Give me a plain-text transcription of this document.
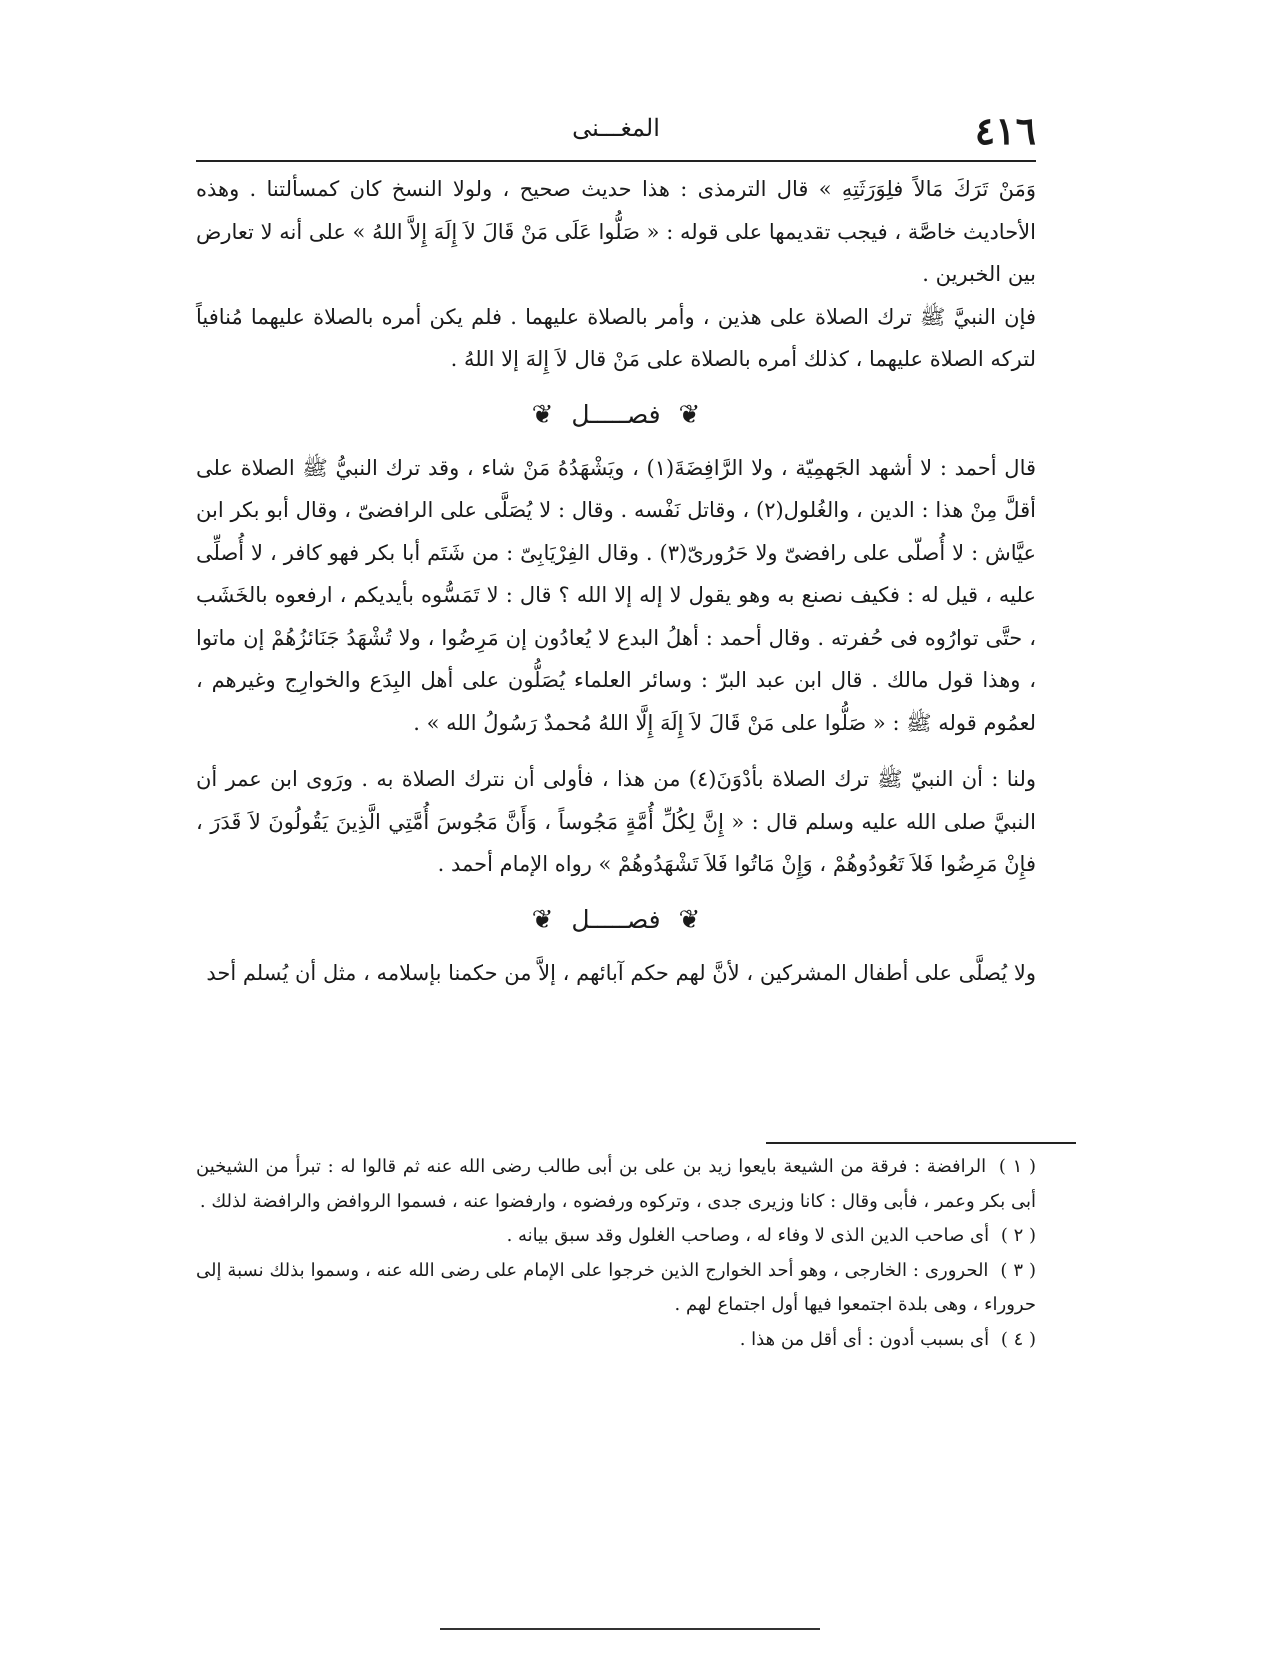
٤١٦
المغـــنى

وَمَنْ تَرَكَ مَالاً فلِوَرَثَتِهِ » قال الترمذى : هذا حديث صحيح ، ولولا النسخ كان كمسألتنا . وهذه الأحاديث خاصَّة ، فيجب تقديمها على قوله : « صَلُّوا عَلَى مَنْ قَالَ لاَ إِلَهَ إِلاَّ اللهُ » على أنه لا تعارض بين الخبرين .

فإن النبيَّ ﷺ ترك الصلاة على هذين ، وأمر بالصلاة عليهما . فلم يكن أمره بالصلاة عليهما مُنافياً لتركه الصلاة عليهما ، كذلك أمره بالصلاة على مَنْ قال لاَ إِلهَ إلا اللهُ .

❦ فصـــــل ❦

قال أحمد : لا أشهد الجَهمِيّة ، ولا الرَّافِضَةَ(١) ، ويَشْهَدُهُ مَنْ شاء ، وقد ترك النبيُّ ﷺ الصلاة على أقلَّ مِنْ هذا : الدين ، والغُلول(٢) ، وقاتل نَفْسه . وقال : لا يُصَلَّى على الرافضىّ ، وقال أبو بكر ابن عيَّاش : لا أُصلّى على رافضىّ ولا حَرُورىّ(٣) . وقال الفِرْيَابِىّ : من شَتَم أبا بكر فهو كافر ، لا أُصلِّى عليه ، قيل له : فكيف نصنع به وهو يقول لا إله إلا الله ؟ قال : لا تَمَسُّوه بأيديكم ، ارفعوه بالخَشَب ، حتَّى توارُوه فى حُفرته . وقال أحمد : أهلُ البدع لا يُعادُون إن مَرِضُوا ، ولا تُشْهَدُ جَنَائزُهُمْ إن ماتوا ، وهذا قول مالك . قال ابن عبد البرّ : وسائر العلماء يُصَلُّون على أهل البِدَع والخوارِج وغيرهم ، لعمُوم قوله ﷺ : « صَلُّوا على مَنْ قَالَ لاَ إِلَهَ إِلَّا اللهُ مُحمدٌ رَسُولُ الله » .

ولنا : أن النبيّ ﷺ ترك الصلاة بأدْوَنَ(٤) من هذا ، فأولى أن نترك الصلاة به . ورَوى ابن عمر أن النبيَّ صلى الله عليه وسلم قال : « إِنَّ لِكُلِّ أُمَّةٍ مَجُوساً ، وَأَنَّ مَجُوسَ أُمَّتِي الَّذِينَ يَقُولُونَ لاَ قَدَرَ ، فإِنْ مَرِضُوا فَلاَ تَعُودُوهُمْ ، وَإِنْ مَاتُوا فَلاَ تَشْهَدُوهُمْ » رواه الإمام أحمد .

❦ فصـــــل ❦

ولا يُصلَّى على أطفال المشركين ، لأنَّ لهم حكم آبائهم ، إلاَّ من حكمنا بإسلامه ، مثل أن يُسلم أحد

( ١ ) الرافضة : فرقة من الشيعة بايعوا زيد بن على بن أبى طالب رضى الله عنه ثم قالوا له : تبرأ من الشيخين أبى بكر وعمر ، فأبى وقال : كانا وزيرى جدى ، وتركوه ورفضوه ، وارفضوا عنه ، فسموا الروافض والرافضة لذلك .

( ٢ ) أى صاحب الدين الذى لا وفاء له ، وصاحب الغلول وقد سبق بيانه .

( ٣ ) الحرورى : الخارجى ، وهو أحد الخوارج الذين خرجوا على الإمام على رضى الله عنه ، وسموا بذلك نسبة إلى حروراء ، وهى بلدة اجتمعوا فيها أول اجتماع لهم .

( ٤ ) أى بسبب أدون : أى أقل من هذا .
